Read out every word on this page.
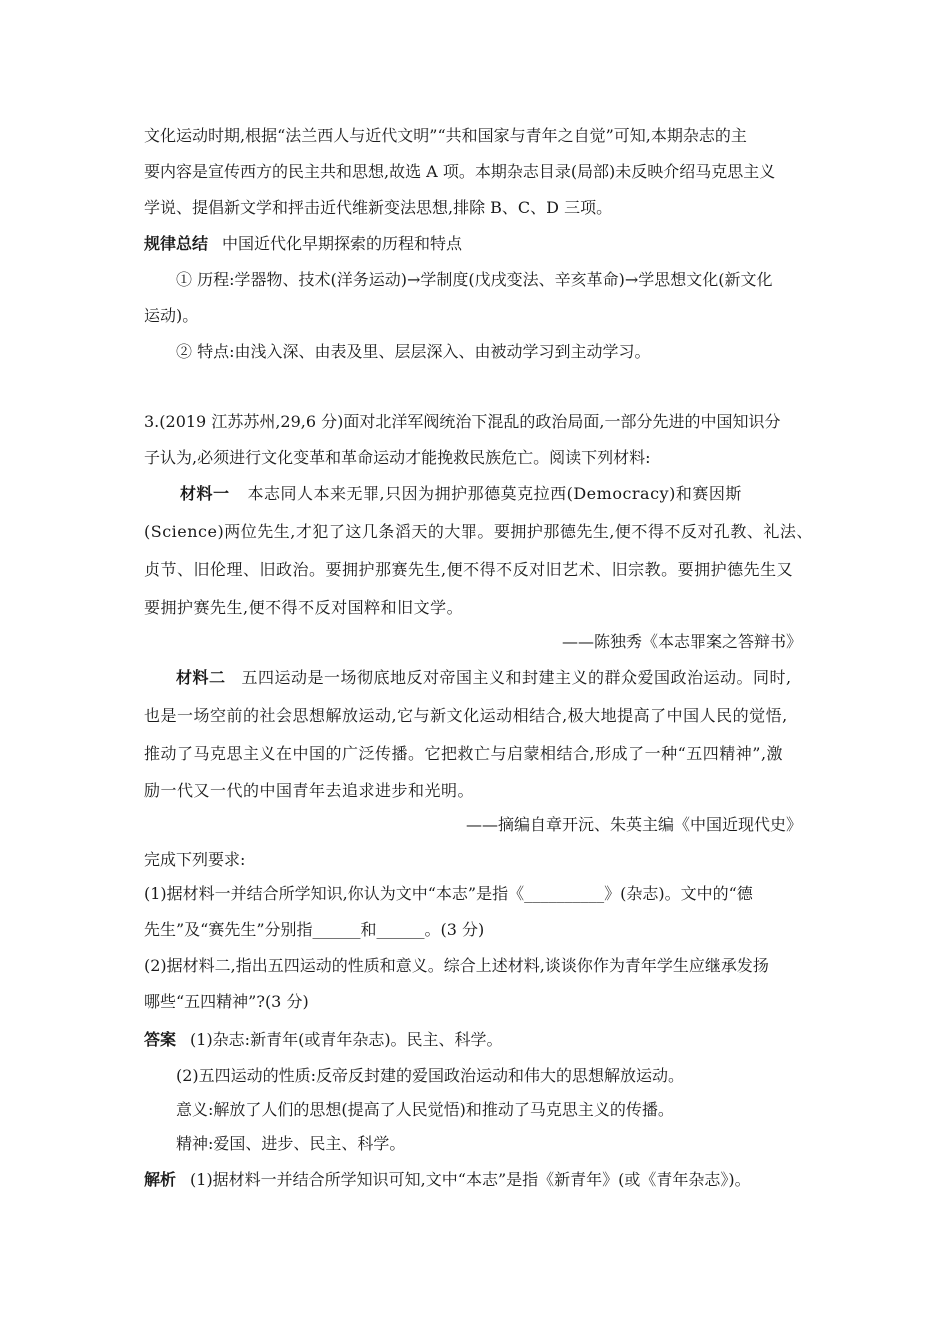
文化运动时期,根据“法兰西人与近代文明”“共和国家与青年之自觉”可知,本期杂志的主
要内容是宣传西方的民主共和思想,故选 A 项。本期杂志目录(局部)未反映介绍马克思主义
学说、提倡新文学和抨击近代维新变法思想,排除 B、C、D 三项。
规律总结 中国近代化早期探索的历程和特点
① 历程:学器物、技术(洋务运动)→学制度(戊戌变法、辛亥革命)→学思想文化(新文化
运动)。
② 特点:由浅入深、由表及里、层层深入、由被动学习到主动学习。
3.(2019 江苏苏州,29,6 分)面对北洋军阀统治下混乱的政治局面,一部分先进的中国知识分
子认为,必须进行文化变革和革命运动才能挽救民族危亡。阅读下列材料:
材料一 本志同人本来无罪,只因为拥护那德莫克拉西(Democracy)和赛因斯
(Science)两位先生,才犯了这几条滔天的大罪。要拥护那德先生,便不得不反对孔教、礼法、
贞节、旧伦理、旧政治。要拥护那赛先生,便不得不反对旧艺术、旧宗教。要拥护德先生又
要拥护赛先生,便不得不反对国粹和旧文学。
——陈独秀《本志罪案之答辩书》
材料二 五四运动是一场彻底地反对帝国主义和封建主义的群众爱国政治运动。同时,
也是一场空前的社会思想解放运动,它与新文化运动相结合,极大地提高了中国人民的觉悟,
推动了马克思主义在中国的广泛传播。它把救亡与启蒙相结合,形成了一种“五四精神”,激
励一代又一代的中国青年去追求进步和光明。
——摘编自章开沅、朱英主编《中国近现代史》
完成下列要求:
(1)据材料一并结合所学知识,你认为文中“本志”是指《__________》(杂志)。文中的“德
先生”及“赛先生”分别指______和______。(3 分)
(2)据材料二,指出五四运动的性质和意义。综合上述材料,谈谈你作为青年学生应继承发扬
哪些“五四精神”?(3 分)
答案 (1)杂志:新青年(或青年杂志)。民主、科学。
(2)五四运动的性质:反帝反封建的爱国政治运动和伟大的思想解放运动。
意义:解放了人们的思想(提高了人民觉悟)和推动了马克思主义的传播。
精神:爱国、进步、民主、科学。
解析 (1)据材料一并结合所学知识可知,文中“本志”是指《新青年》(或《青年杂志》)。
